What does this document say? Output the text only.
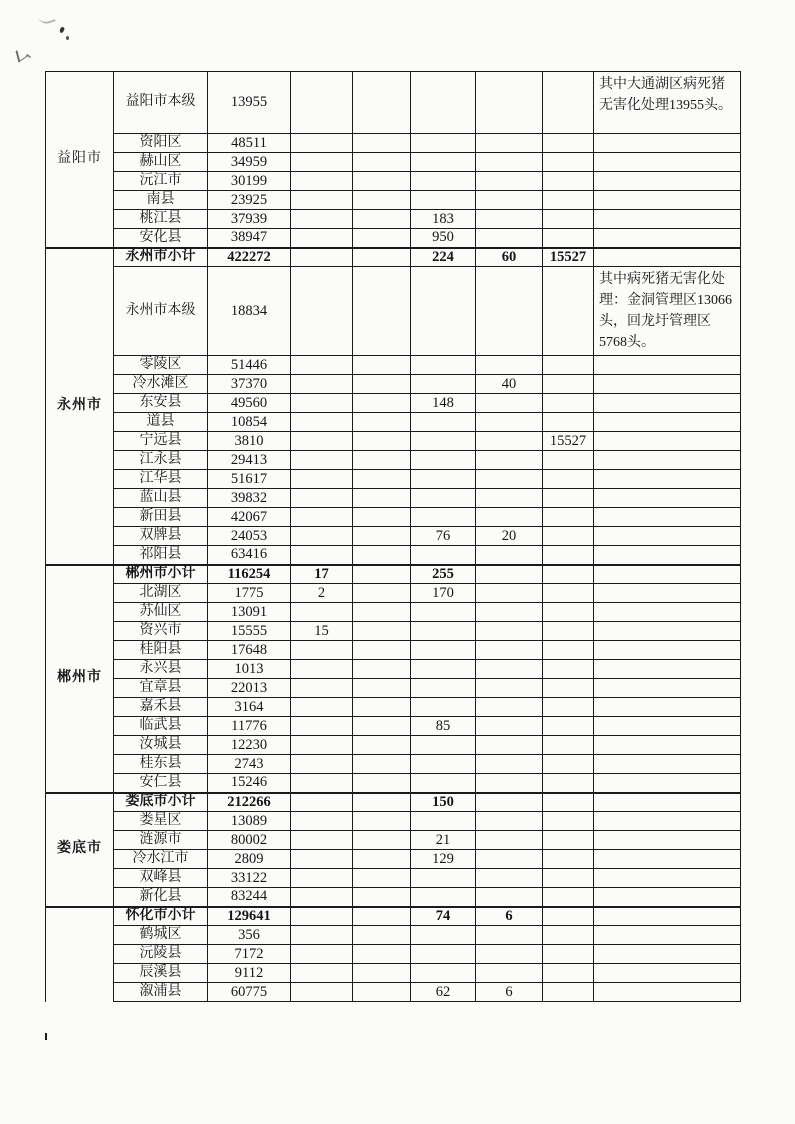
益阳市	益阳市本级	13955						其中大通湖区病死猪无害化处理13955头。
	资阳区	48511						
	赫山区	34959						
	沅江市	30199						
	南县	23925						
	桃江县	37939			183			
	安化县	38947			950			
永州市	永州市小计	422272			224	60	15527	
	永州市本级	18834						其中病死猪无害化处理：金洞管理区13066头，回龙圩管理区5768头。
	零陵区	51446						
	冷水滩区	37370				40		
	东安县	49560			148			
	道县	10854						
	宁远县	3810					15527	
	江永县	29413						
	江华县	51617						
	蓝山县	39832						
	新田县	42067						
	双牌县	24053			76	20		
	祁阳县	63416						
郴州市	郴州市小计	116254	17		255			
	北湖区	1775	2		170			
	苏仙区	13091						
	资兴市	15555	15					
	桂阳县	17648						
	永兴县	1013						
	宜章县	22013						
	嘉禾县	3164						
	临武县	11776			85			
	汝城县	12230						
	桂东县	2743						
	安仁县	15246						
娄底市	娄底市小计	212266			150			
	娄星区	13089						
	涟源市	80002			21			
	冷水江市	2809			129			
	双峰县	33122						
	新化县	83244						
	怀化市小计	129641			74	6		
	鹤城区	356						
	沅陵县	7172						
	辰溪县	9112						
	溆浦县	60775			62	6		
